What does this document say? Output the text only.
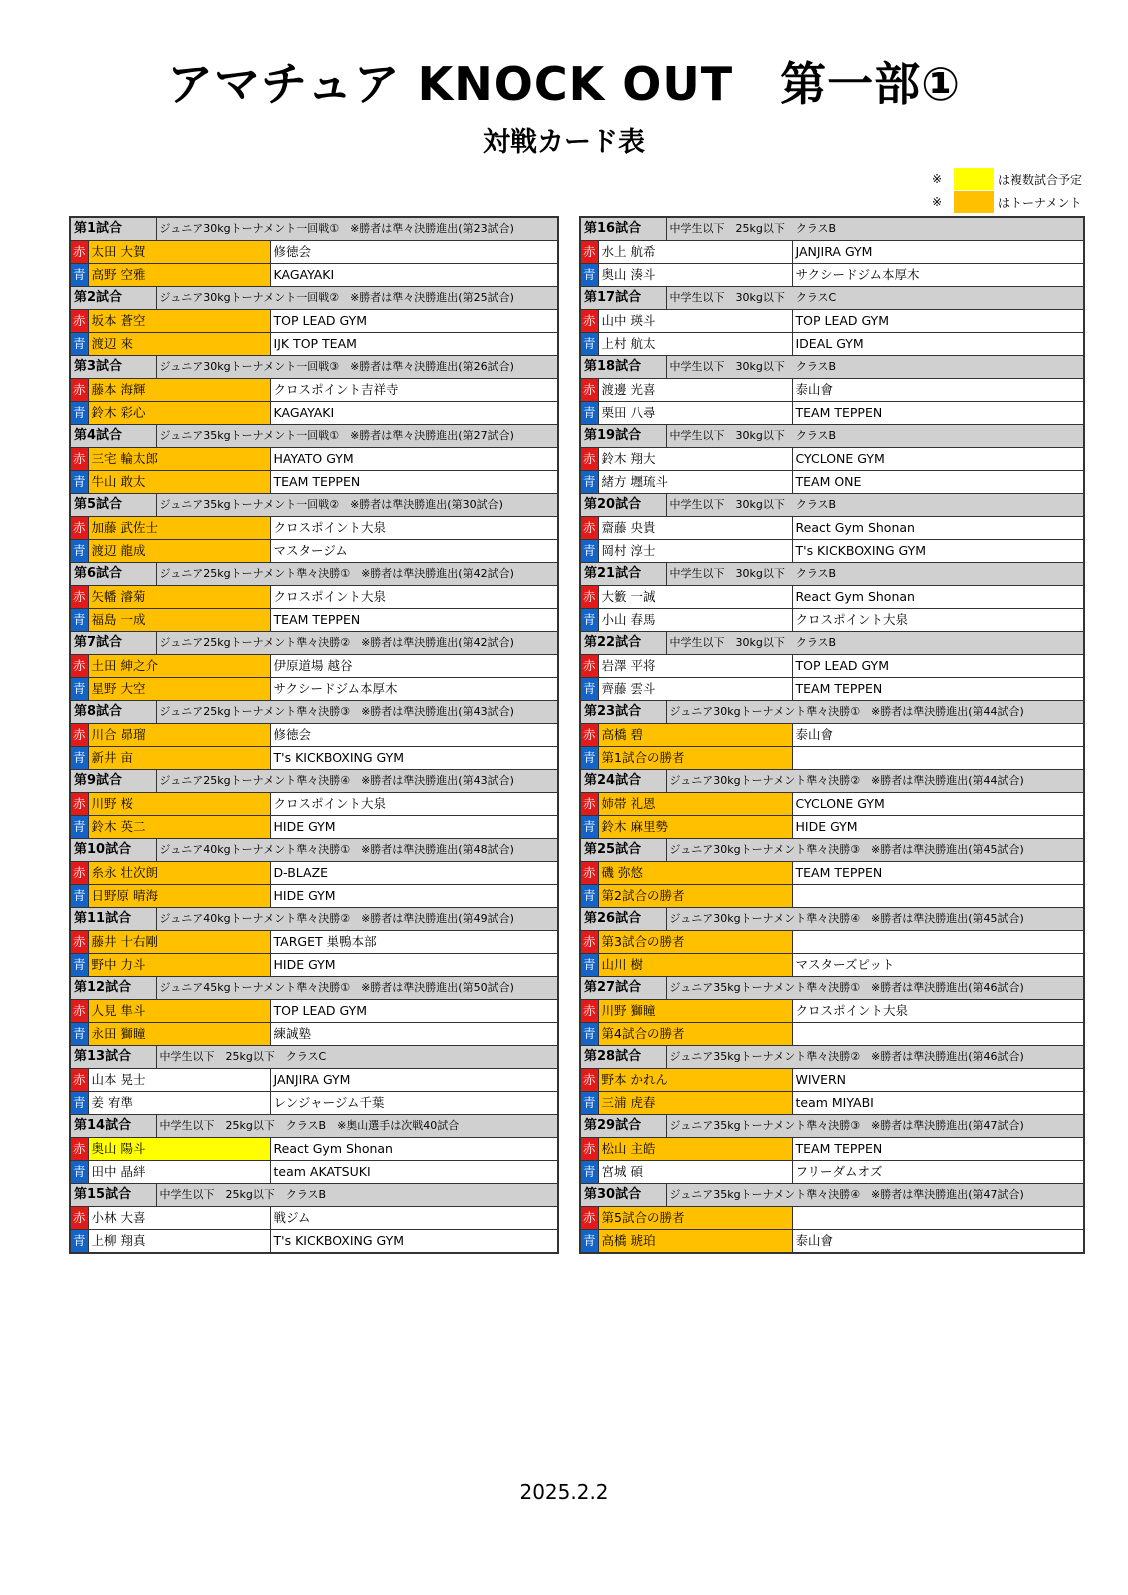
アマチュア KNOCK OUT　第一部①
対戦カード表
※	は複数試合予定
※	はトーナメント
第1試合		ジュニア30kgトーナメント一回戦①　※勝者は準々決勝進出(第23試合)	
赤	太田 大賀		修徳会
青	高野 空雅		KAGAYAKI
第2試合		ジュニア30kgトーナメント一回戦②　※勝者は準々決勝進出(第25試合)	
赤	坂本 蒼空		TOP LEAD GYM
青	渡辺 來		IJK TOP TEAM
第3試合		ジュニア30kgトーナメント一回戦③　※勝者は準々決勝進出(第26試合)	
赤	藤本 海輝		クロスポイント吉祥寺
青	鈴木 彩心		KAGAYAKI
第4試合		ジュニア35kgトーナメント一回戦①　※勝者は準々決勝進出(第27試合)	
赤	三宅 輪太郎		HAYATO GYM
青	牛山 敢太		TEAM TEPPEN
第5試合		ジュニア35kgトーナメント一回戦②　※勝者は準決勝進出(第30試合)	
赤	加藤 武佐士		クロスポイント大泉
青	渡辺 龍成		マスタージム
第6試合		ジュニア25kgトーナメント準々決勝①　※勝者は準決勝進出(第42試合)	
赤	矢幡 濬菊		クロスポイント大泉
青	福島 一成		TEAM TEPPEN
第7試合		ジュニア25kgトーナメント準々決勝②　※勝者は準決勝進出(第42試合)	
赤	土田 紳之介		伊原道場 越谷
青	星野 大空		サクシードジム本厚木
第8試合		ジュニア25kgトーナメント準々決勝③　※勝者は準決勝進出(第43試合)	
赤	川合 昴瑠		修徳会
青	新井 亩		T's KICKBOXING GYM
第9試合		ジュニア25kgトーナメント準々決勝④　※勝者は準決勝進出(第43試合)	
赤	川野 桜		クロスポイント大泉
青	鈴木 英二		HIDE GYM
第10試合		ジュニア40kgトーナメント準々決勝①　※勝者は準決勝進出(第48試合)	
赤	糸永 壮次朗		D-BLAZE
青	日野原 晴海		HIDE GYM
第11試合		ジュニア40kgトーナメント準々決勝②　※勝者は準決勝進出(第49試合)	
赤	藤井 十右剛		TARGET 巣鴨本部
青	野中 力斗		HIDE GYM
第12試合		ジュニア45kgトーナメント準々決勝①　※勝者は準決勝進出(第50試合)	
赤	人見 隼斗		TOP LEAD GYM
青	永田 獅瞳		練誠塾
第13試合		中学生以下　25kg以下　クラスC	
赤	山本 晃士		JANJIRA GYM
青	姜 宥準		レンジャージム千葉
第14試合		中学生以下　25kg以下　クラスB　※奥山選手は次戦40試合	
赤	奥山 陽斗		React Gym Shonan
青	田中 晶絆		team AKATSUKI
第15試合		中学生以下　25kg以下　クラスB	
赤	小林 大喜		戦ジム
青	上柳 翔真		T's KICKBOXING GYM
第16試合		中学生以下　25kg以下　クラスB	
赤	水上 航希		JANJIRA GYM
青	奥山 湊斗		サクシードジム本厚木
第17試合		中学生以下　30kg以下　クラスC	
赤	山中 瑛斗		TOP LEAD GYM
青	上村 航太		IDEAL GYM
第18試合		中学生以下　30kg以下　クラスB	
赤	渡邊 光喜		泰山會
青	栗田 八尋		TEAM TEPPEN
第19試合		中学生以下　30kg以下　クラスB	
赤	鈴木 翔大		CYCLONE GYM
青	緒方 壥琉斗		TEAM ONE
第20試合		中学生以下　30kg以下　クラスB	
赤	齋藤 央貴		React Gym Shonan
青	岡村 淳士		T's KICKBOXING GYM
第21試合		中学生以下　30kg以下　クラスB	
赤	大籔 一誠		React Gym Shonan
青	小山 春馬		クロスポイント大泉
第22試合		中学生以下　30kg以下　クラスB	
赤	岩澤 平将		TOP LEAD GYM
青	齊藤 雲斗		TEAM TEPPEN
第23試合		ジュニア30kgトーナメント準々決勝①　※勝者は準決勝進出(第44試合)	
赤	高橋 碧		泰山會
青	第1試合の勝者		
第24試合		ジュニア30kgトーナメント準々決勝②　※勝者は準決勝進出(第44試合)	
赤	姉帯 礼恩		CYCLONE GYM
青	鈴木 麻里勢		HIDE GYM
第25試合		ジュニア30kgトーナメント準々決勝③　※勝者は準決勝進出(第45試合)	
赤	磯 弥悠		TEAM TEPPEN
青	第2試合の勝者		
第26試合		ジュニア30kgトーナメント準々決勝④　※勝者は準決勝進出(第45試合)	
赤	第3試合の勝者		
青	山川 樹		マスターズピット
第27試合		ジュニア35kgトーナメント準々決勝①　※勝者は準決勝進出(第46試合)	
赤	川野 獅瞳		クロスポイント大泉
青	第4試合の勝者		
第28試合		ジュニア35kgトーナメント準々決勝②　※勝者は準決勝進出(第46試合)	
赤	野本 かれん		WIVERN
青	三浦 虎春		team MIYABI
第29試合		ジュニア35kgトーナメント準々決勝③　※勝者は準決勝進出(第47試合)	
赤	松山 主皓		TEAM TEPPEN
青	宮城 碩		フリーダムオズ
第30試合		ジュニア35kgトーナメント準々決勝④　※勝者は準決勝進出(第47試合)	
赤	第5試合の勝者		
青	高橋 琥珀		泰山會
2025.2.2
